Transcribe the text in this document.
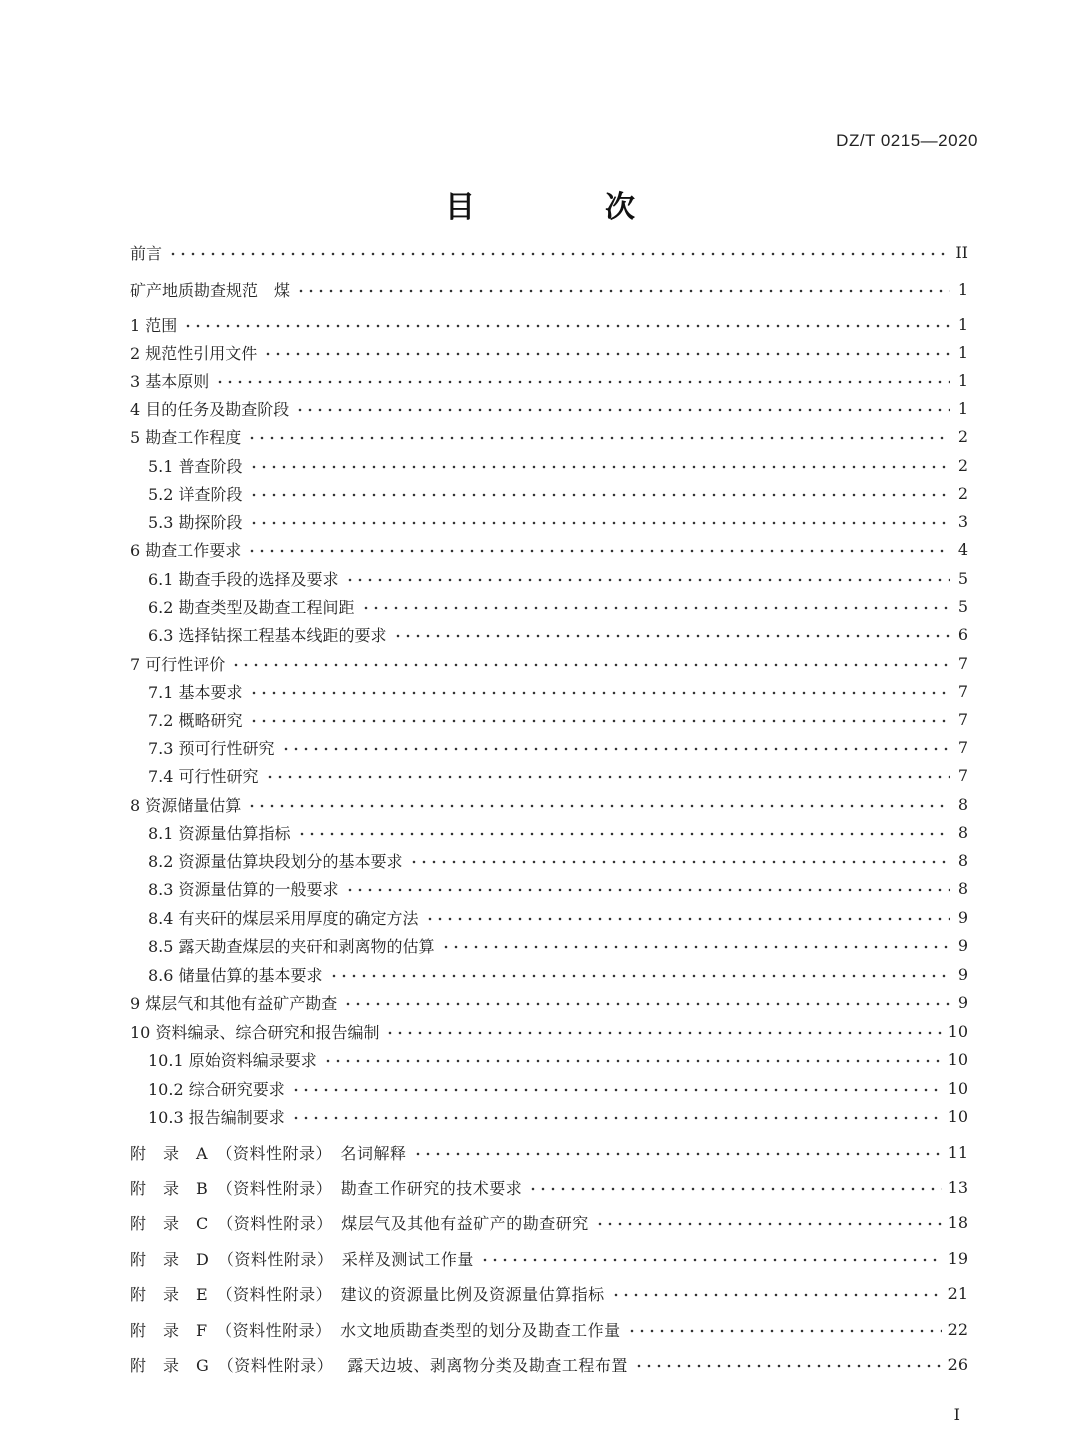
DZ/T 0215—2020
目　次
前言	II
矿产地质勘查规范　煤	1
1 范围	1
2 规范性引用文件	1
3 基本原则	1
4 目的任务及勘查阶段	1
5 勘查工作程度	2
5.1 普查阶段	2
5.2 详查阶段	2
5.3 勘探阶段	3
6 勘查工作要求	4
6.1 勘查手段的选择及要求	5
6.2 勘查类型及勘查工程间距	5
6.3 选择钻探工程基本线距的要求	6
7 可行性评价	7
7.1 基本要求	7
7.2 概略研究	7
7.3 预可行性研究	7
7.4 可行性研究	7
8 资源储量估算	8
8.1 资源量估算指标	8
8.2 资源量估算块段划分的基本要求	8
8.3 资源量估算的一般要求	8
8.4 有夹矸的煤层采用厚度的确定方法	9
8.5 露天勘查煤层的夹矸和剥离物的估算	9
8.6 储量估算的基本要求	9
9 煤层气和其他有益矿产勘查	9
10 资料编录、综合研究和报告编制	10
10.1 原始资料编录要求	10
10.2 综合研究要求	10
10.3 报告编制要求	10
附　录　A　（资料性附录）　名词解释	11
附　录　B　（资料性附录）　勘查工作研究的技术要求	13
附　录　C　（资料性附录）　煤层气及其他有益矿产的勘查研究	18
附　录　D　（资料性附录）　采样及测试工作量	19
附　录　E　（资料性附录）　建议的资源量比例及资源量估算指标	21
附　录　F　（资料性附录）　水文地质勘查类型的划分及勘查工作量	22
附　录　G　（资料性附录）　 露天边坡、剥离物分类及勘查工程布置	26
I
